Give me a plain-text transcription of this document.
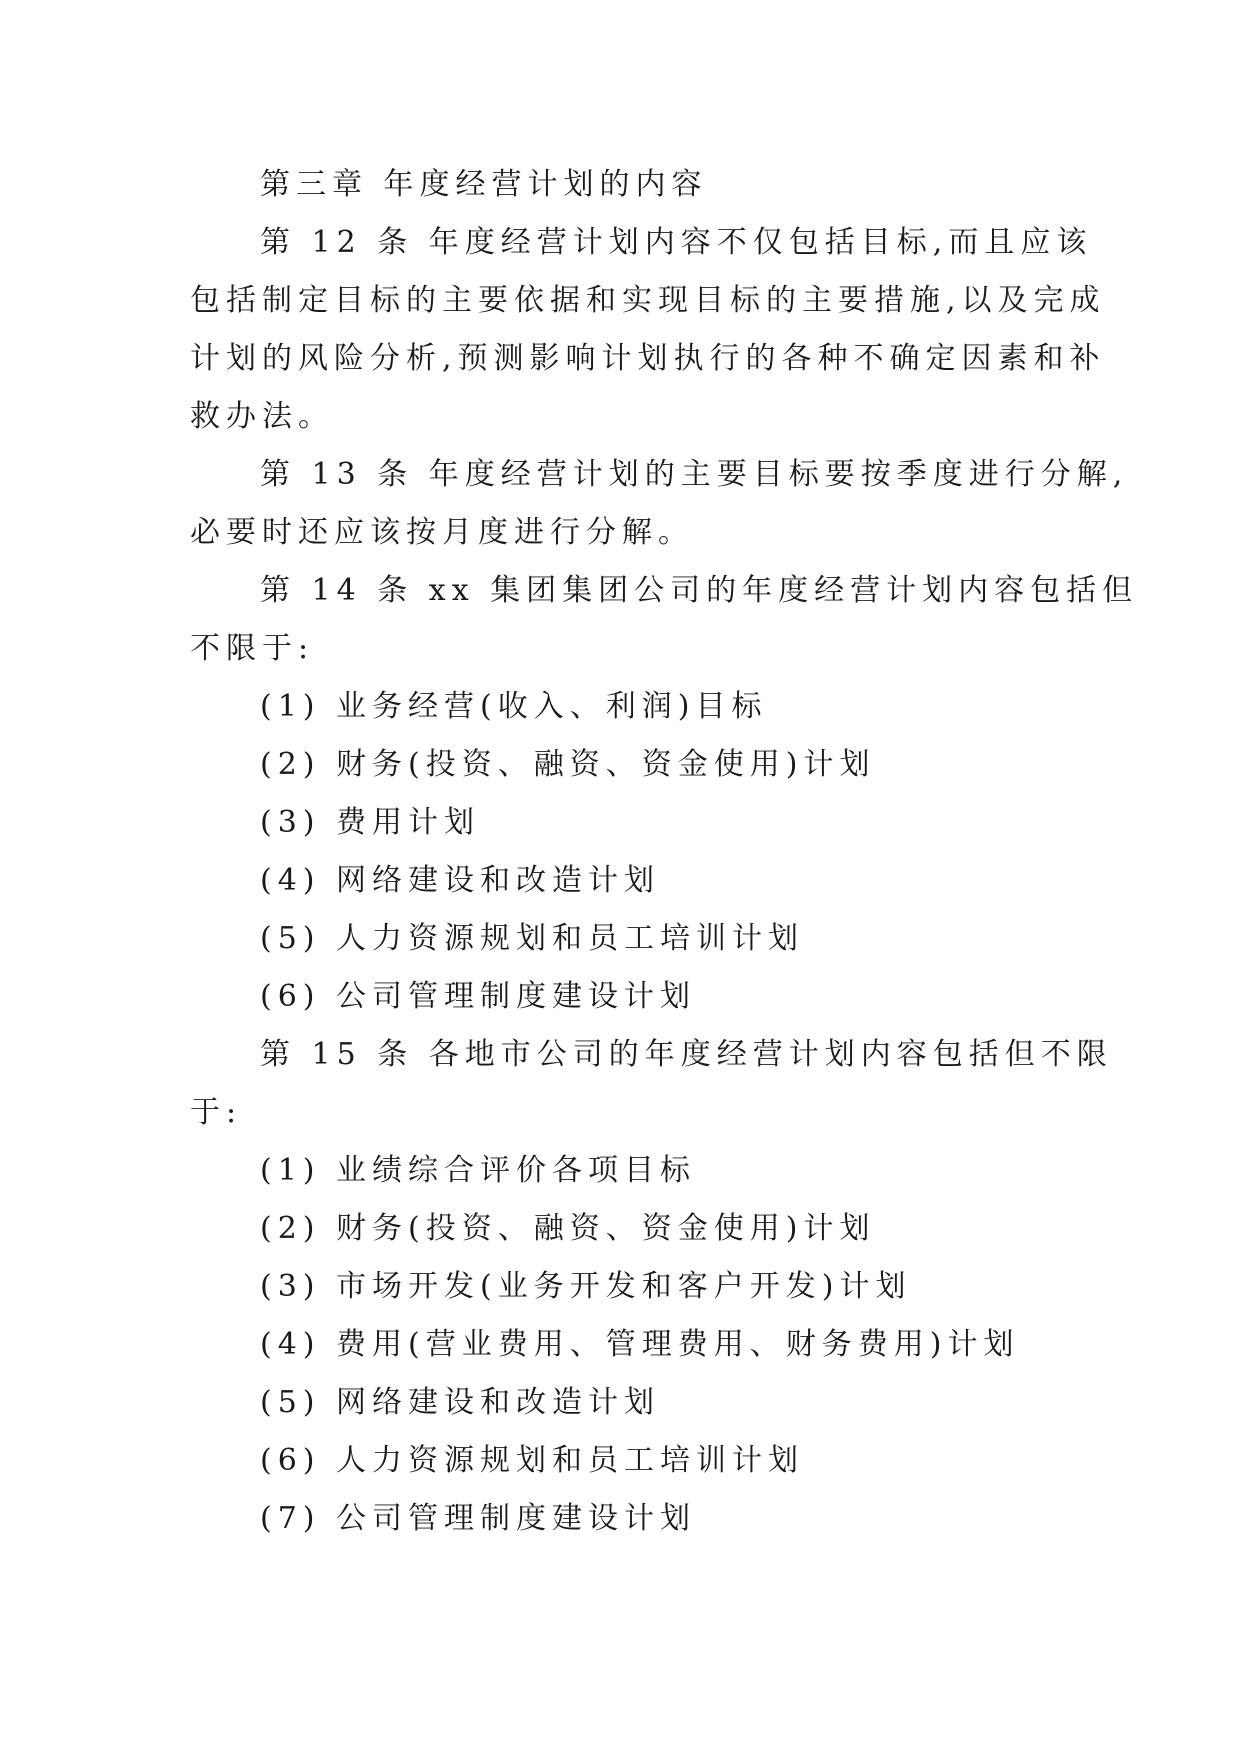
第三章 年度经营计划的内容

第 12 条 年度经营计划内容不仅包括目标,而且应该

包括制定目标的主要依据和实现目标的主要措施,以及完成

计划的风险分析,预测影响计划执行的各种不确定因素和补

救办法。

第 13 条 年度经营计划的主要目标要按季度进行分解,

必要时还应该按月度进行分解。

第 14 条 xx 集团集团公司的年度经营计划内容包括但

不限于:

(1) 业务经营(收入、利润)目标

(2) 财务(投资、融资、资金使用)计划

(3) 费用计划

(4) 网络建设和改造计划

(5) 人力资源规划和员工培训计划

(6) 公司管理制度建设计划

第 15 条 各地市公司的年度经营计划内容包括但不限

于:

(1) 业绩综合评价各项目标

(2) 财务(投资、融资、资金使用)计划

(3) 市场开发(业务开发和客户开发)计划

(4) 费用(营业费用、管理费用、财务费用)计划

(5) 网络建设和改造计划

(6) 人力资源规划和员工培训计划

(7) 公司管理制度建设计划
